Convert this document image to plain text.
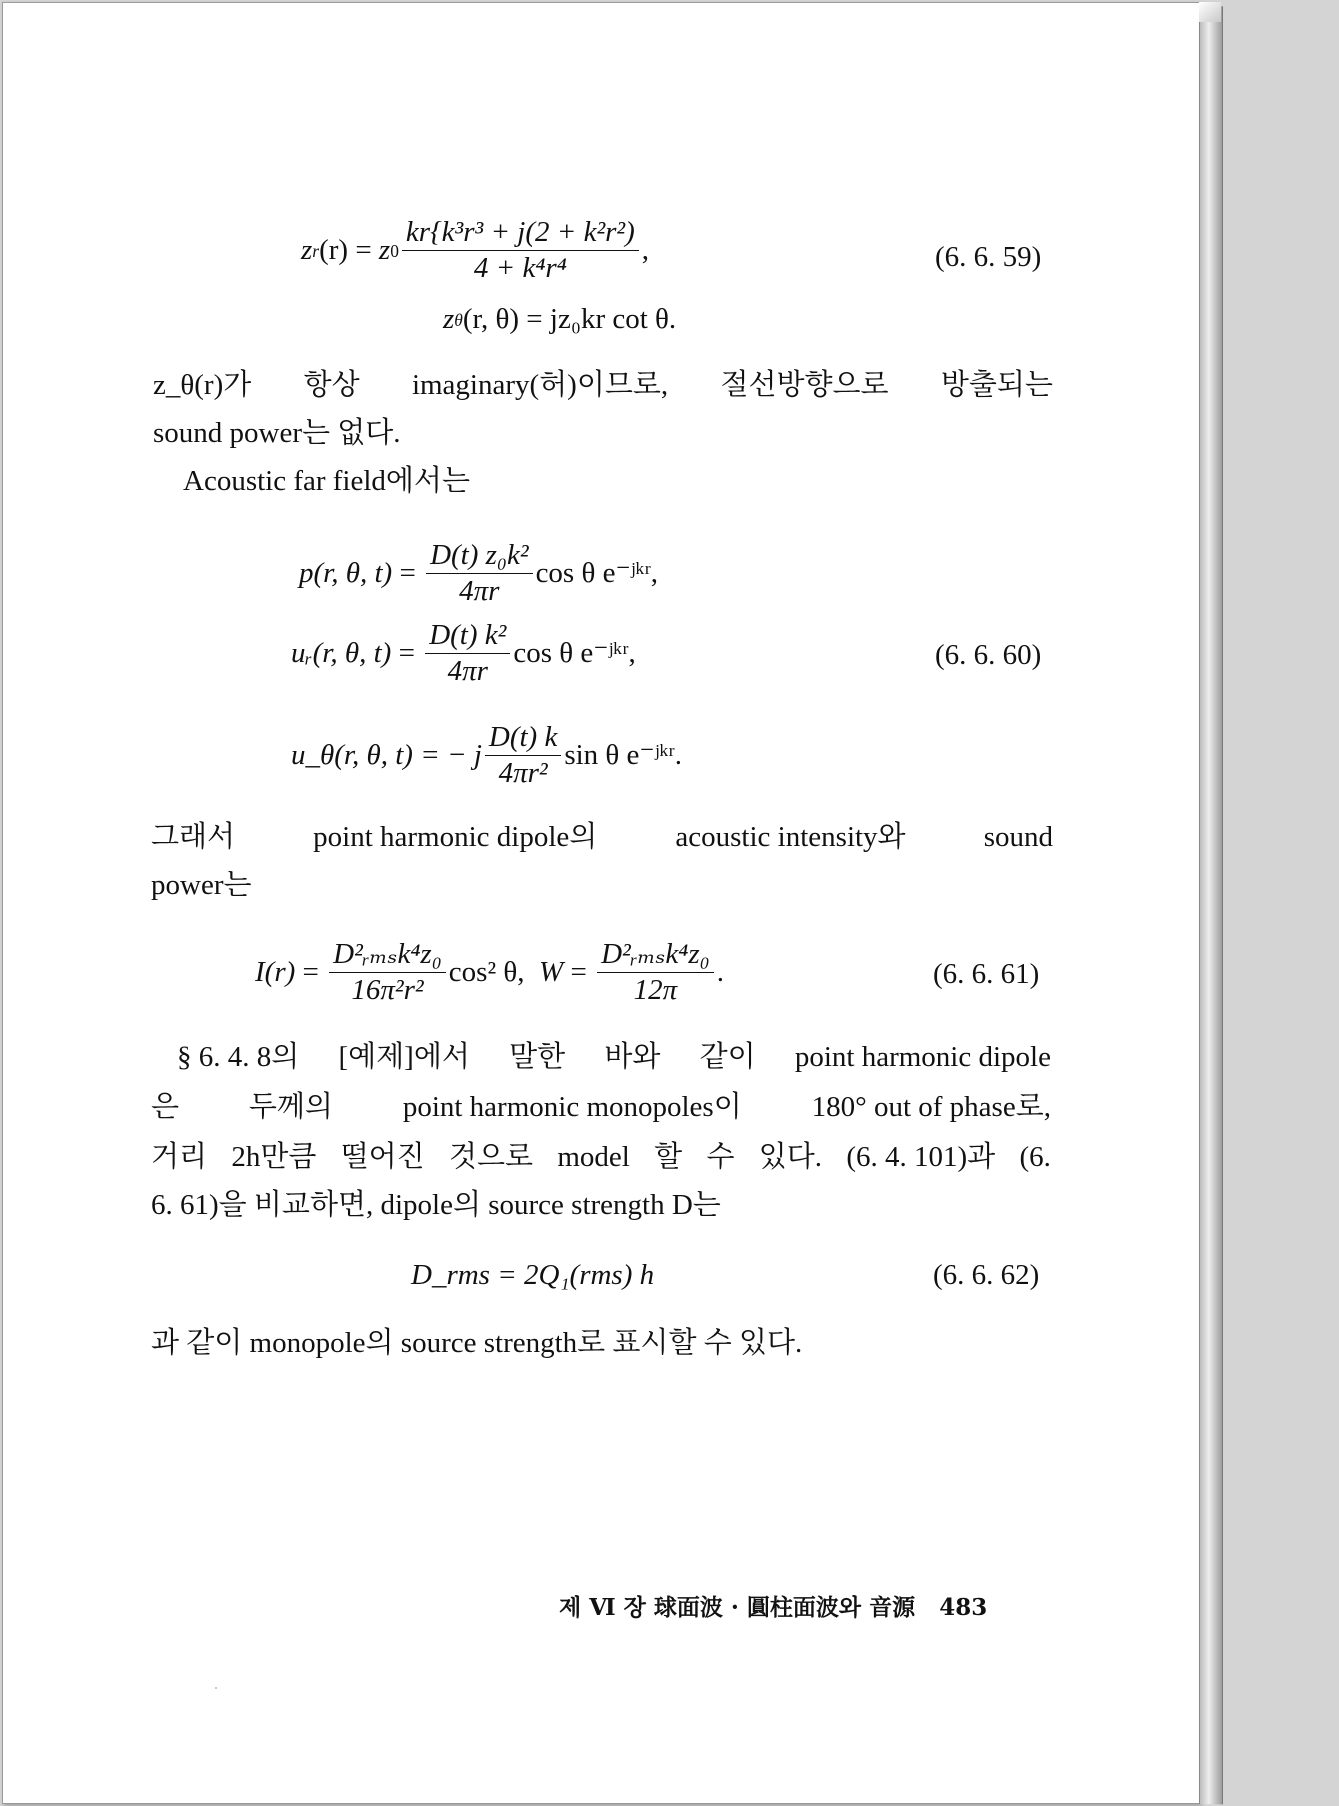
z r (r) = z $0 \frac{\text{kr\{k³r³ + j(2 + k²r²)}}{\text{4 + k⁴r⁴}}$ ,	(6. 6. 59)
z θ (r, θ)
= jz₀kr cot θ.
z_θ(r)가 항상 imaginary(허)이므로, 절선방향으로 방출되는
sound power는 없다.
Acoustic far field에서는
p(r, θ, $t) = \frac{\text{D(t) z₀k²}}{4\pi r}$ cos θ e⁻ʲᵏʳ,
uᵣ(r, θ, $t) = \frac{\text{D(t) k²}}{4\pi r}$ cos θ e⁻ʲᵏʳ,	(6. 6. 60)
u_θ(r, θ, t)
= − j $\frac{D(t) k}{\text{4πr²}}$ sin θ e⁻ʲᵏʳ.
그래서	point harmonic dipole의	acoustic intensity와	sound
power는
$I(r) = \frac{\text{D²ᵣₘₛk⁴z₀}}{\text{16π²r²}} \cos^2$ θ,
$W = \frac{\text{D²ᵣₘₛk⁴z₀}}{12\pi}$ .	(6. 6. 61)
§ 6. 4. 8의 [예제]에서 말한 바와 같이 point harmonic dipole
은 두께의 point harmonic monopoles이 180° out of phase로,
거리 2h만큼 떨어진 것으로 model 할 수 있다. (6. 4. 101)과 (6.
6. 61)을 비교하면, dipole의 source strength D는
D_rms = 2Q₁(rms) h	(6. 6. 62)
과 같이 monopole의 source strength로 표시할 수 있다.
제 Ⅵ 장 球面波 · 圓柱面波와 音源 483
